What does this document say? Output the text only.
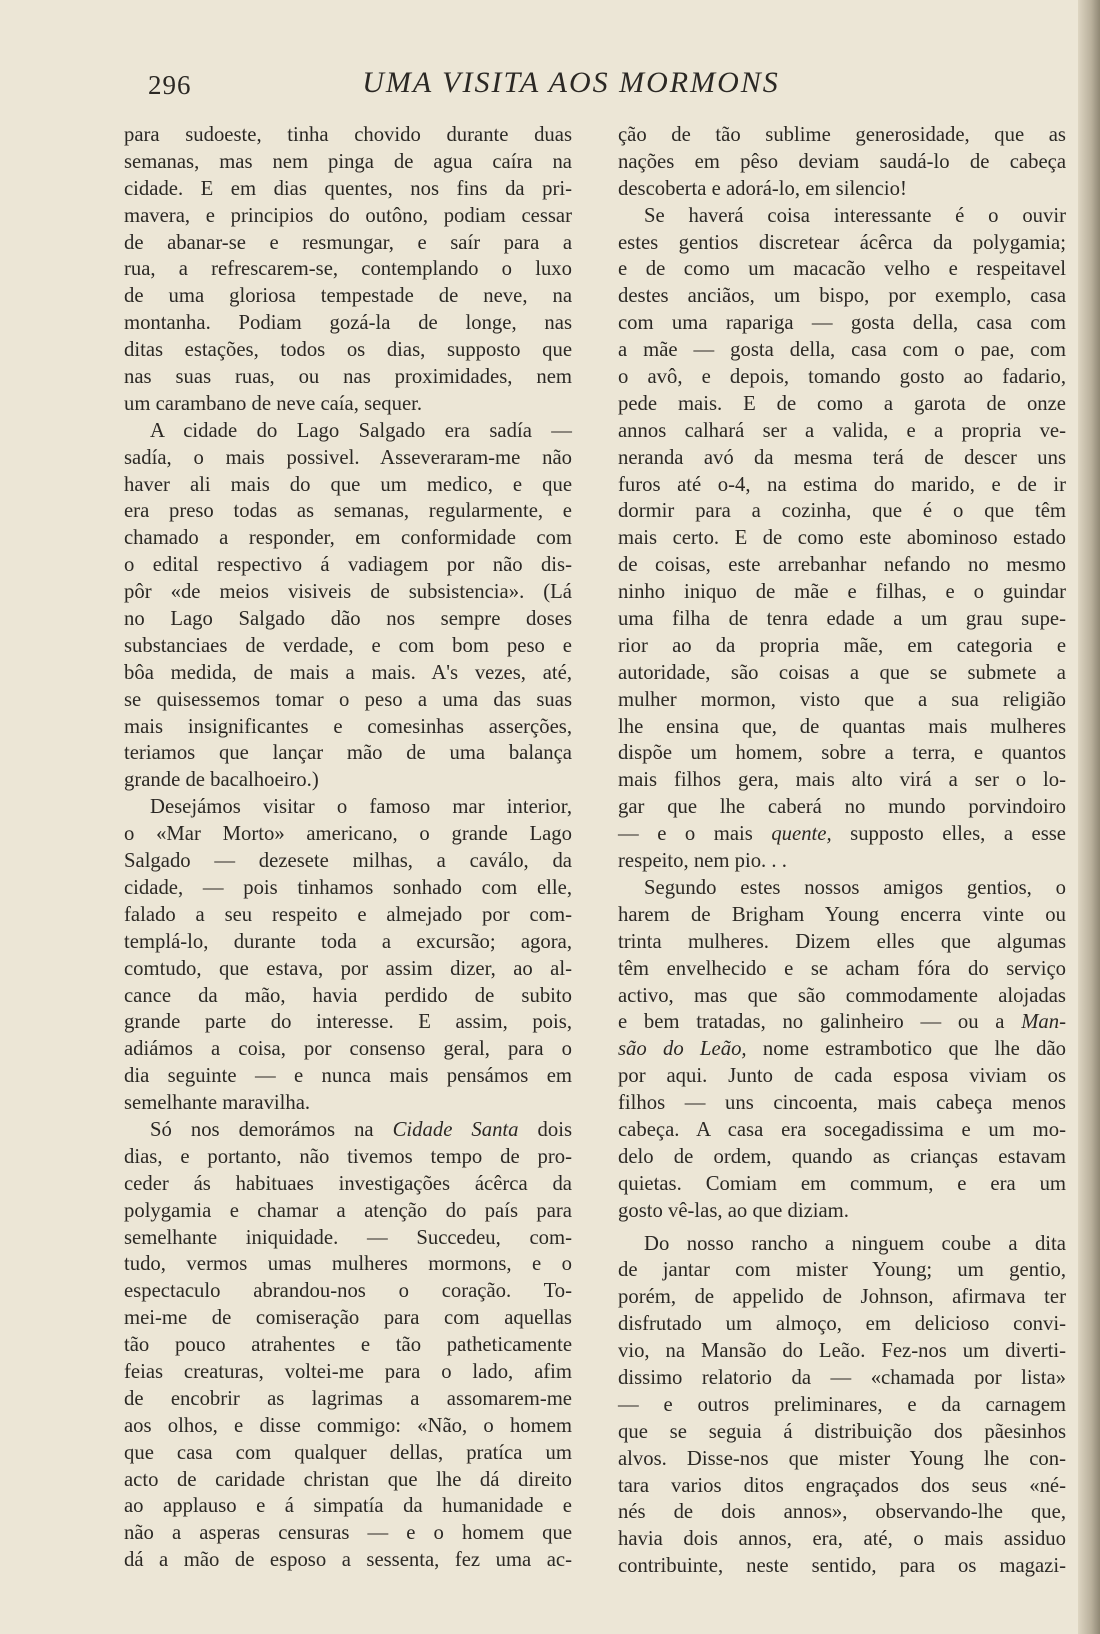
296	UMA VISITA AOS MORMONS
para sudoeste, tinha chovido durante duas
semanas, mas nem pinga de agua caíra na
cidade. E em dias quentes, nos fins da pri-
mavera, e principios do outôno, podiam cessar
de abanar-se e resmungar, e saír para a
rua, a refrescarem-se, contemplando o luxo
de uma gloriosa tempestade de neve, na
montanha. Podiam gozá-la de longe, nas
ditas estações, todos os dias, supposto que
nas suas ruas, ou nas proximidades, nem
um carambano de neve caía, sequer.
A cidade do Lago Salgado era sadía —
sadía, o mais possivel. Asseveraram-me não
haver ali mais do que um medico, e que
era preso todas as semanas, regularmente, e
chamado a responder, em conformidade com
o edital respectivo á vadiagem por não dis-
pôr «de meios visiveis de subsistencia». (Lá
no Lago Salgado dão nos sempre doses
substanciaes de verdade, e com bom peso e
bôa medida, de mais a mais. A's vezes, até,
se quisessemos tomar o peso a uma das suas
mais insignificantes e comesinhas asserções,
teriamos que lançar mão de uma balança
grande de bacalhoeiro.)
Desejámos visitar o famoso mar interior,
o «Mar Morto» americano, o grande Lago
Salgado — dezesete milhas, a caválo, da
cidade, — pois tinhamos sonhado com elle,
falado a seu respeito e almejado por com-
templá-lo, durante toda a excursão; agora,
comtudo, que estava, por assim dizer, ao al-
cance da mão, havia perdido de subito
grande parte do interesse. E assim, pois,
adiámos a coisa, por consenso geral, para o
dia seguinte — e nunca mais pensámos em
semelhante maravilha.
Só nos demorámos na Cidade Santa dois
dias, e portanto, não tivemos tempo de pro-
ceder ás habituaes investigações ácêrca da
polygamia e chamar a atenção do país para
semelhante iniquidade. — Succedeu, com-
tudo, vermos umas mulheres mormons, e o
espectaculo abrandou-nos o coração. To-
mei-me de comiseração para com aquellas
tão pouco atrahentes e tão patheticamente
feias creaturas, voltei-me para o lado, afim
de encobrir as lagrimas a assomarem-me
aos olhos, e disse commigo: «Não, o homem
que casa com qualquer dellas, pratíca um
acto de caridade christan que lhe dá direito
ao applauso e á simpatía da humanidade e
não a asperas censuras — e o homem que
dá a mão de esposo a sessenta, fez uma ac-
ção de tão sublime generosidade, que as
nações em pêso deviam saudá-lo de cabeça
descoberta e adorá-lo, em silencio!
Se haverá coisa interessante é o ouvir
estes gentios discretear ácêrca da polygamia;
e de como um macacão velho e respeitavel
destes anciãos, um bispo, por exemplo, casa
com uma rapariga — gosta della, casa com
a mãe — gosta della, casa com o pae, com
o avô, e depois, tomando gosto ao fadario,
pede mais. E de como a garota de onze
annos calhará ser a valida, e a propria ve-
neranda avó da mesma terá de descer uns
furos até o-4, na estima do marido, e de ir
dormir para a cozinha, que é o que têm
mais certo. E de como este abominoso estado
de coisas, este arrebanhar nefando no mesmo
ninho iniquo de mãe e filhas, e o guindar
uma filha de tenra edade a um grau supe-
rior ao da propria mãe, em categoria e
autoridade, são coisas a que se submete a
mulher mormon, visto que a sua religião
lhe ensina que, de quantas mais mulheres
dispõe um homem, sobre a terra, e quantos
mais filhos gera, mais alto virá a ser o lo-
gar que lhe caberá no mundo porvindoiro
— e o mais quente, supposto elles, a esse
respeito, nem pio. . .
Segundo estes nossos amigos gentios, o
harem de Brigham Young encerra vinte ou
trinta mulheres. Dizem elles que algumas
têm envelhecido e se acham fóra do serviço
activo, mas que são commodamente alojadas
e bem tratadas, no galinheiro — ou a Man-
são do Leão, nome estrambotico que lhe dão
por aqui. Junto de cada esposa viviam os
filhos — uns cincoenta, mais cabeça menos
cabeça. A casa era socegadissima e um mo-
delo de ordem, quando as crianças estavam
quietas. Comiam em commum, e era um
gosto vê-las, ao que diziam.
Do nosso rancho a ninguem coube a dita
de jantar com mister Young; um gentio,
porém, de appelido de Johnson, afirmava ter
disfrutado um almoço, em delicioso convi-
vio, na Mansão do Leão. Fez-nos um diverti-
dissimo relatorio da — «chamada por lista»
— e outros preliminares, e da carnagem
que se seguia á distribuição dos pãesinhos
alvos. Disse-nos que mister Young lhe con-
tara varios ditos engraçados dos seus «né-
nés de dois annos», observando-lhe que,
havia dois annos, era, até, o mais assiduo
contribuinte, neste sentido, para os magazi-
